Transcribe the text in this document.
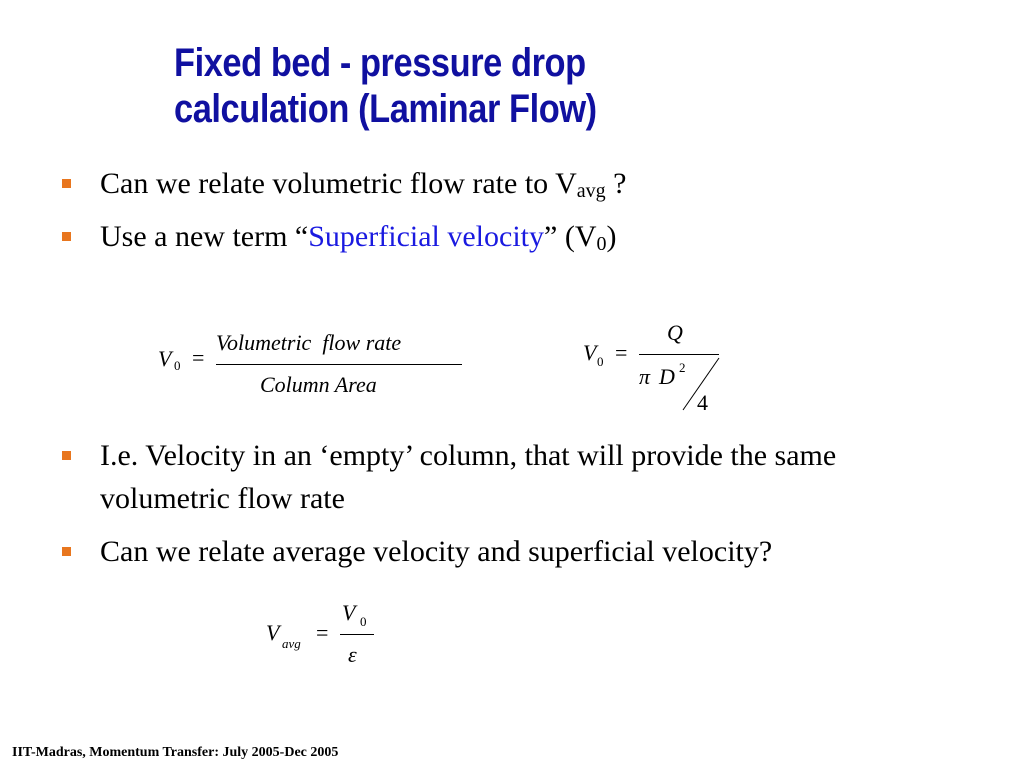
Fixed bed - pressure drop
calculation (Laminar Flow)
Can we relate volumetric flow rate to $V_{avg}$ ?
Use a new term “Superficial velocity” $(V_0)$
V 0 =
Volumetric  flow rate
Column Area
V 0 =
Q
π D 2
4
I.e. Velocity in an ‘empty’ column, that will provide the same volumetric flow rate
Can we relate average velocity and superficial velocity?
V avg =
V 0
ε
IIT-Madras, Momentum Transfer: July 2005-Dec 2005
